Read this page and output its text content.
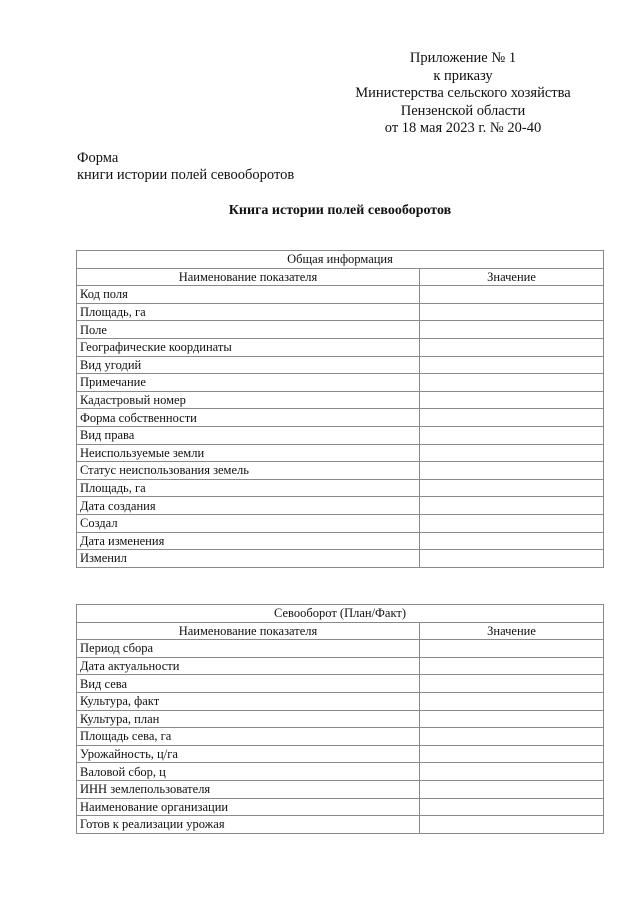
Приложение № 1
к приказу
Министерства сельского хозяйства
Пензенской области
от 18 мая 2023 г. № 20-40
Форма
книги истории полей севооборотов
Книга истории полей севооборотов
Общая информация	
Наименование показателя	Значение
Код поля	
Площадь, га	
Поле	
Географические координаты	
Вид угодий	
Примечание	
Кадастровый номер	
Форма собственности	
Вид права	
Неиспользуемые земли	
Статус неиспользования земель	
Площадь, га	
Дата создания	
Создал	
Дата изменения	
Изменил	
Севооборот (План/Факт)	
Наименование показателя	Значение
Период сбора	
Дата актуальности	
Вид сева	
Культура, факт	
Культура, план	
Площадь сева, га	
Урожайность, ц/га	
Валовой сбор, ц	
ИНН землепользователя	
Наименование организации	
Готов к реализации урожая	
